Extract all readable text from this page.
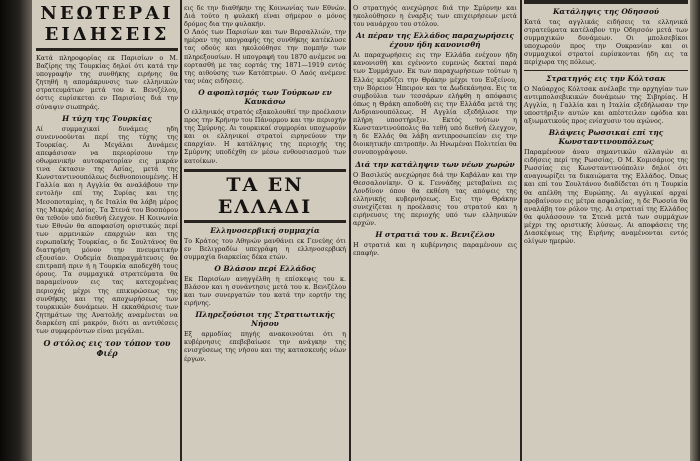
ΝΕΩΤΕΡΑΙ ΕΙΔΗΣΕΙΣ

Κατά πληροφορίας εκ Παρισίων ο Μ. Βαζίρης της Τουρκίας δηλοί ότι κατά την υπογραφήν της συνθήκης ειρήνης θα ζητηθή η απομάκρυνσις των ελληνικών στρατευμάτων μετά του κ. Βενιζέλου, όστις ευρίσκεται εν Παρισίοις διά την σύναψιν σιωπηράς.

Η τύχη της Τουρκίας

Αί συμμαχικαί δυνάμεις ηδη συνεννοούνται περί της τύχης της Τουρκίας. Αι Μεγάλαι Δυνάμεις απεφάσισαν να περιορίσουν την οθωμανικήν αυτοκρατορίαν εις μικράν τινα έκτασιν της Ασίας, μετά της Κωνσταντινουπόλεως διεθνοποιουμένης. Η Γαλλία και η Αγγλία θα αναλάβουν την εντολήν επί της Συρίας και της Μεσοποταμίας, η δε Ιταλία θα λάβη μέρος της Μικράς Ασίας. Τα Στενά του Βοσπόρου θα τεθούν υπό διεθνή έλεγχον. Η Κοινωνία των Εθνών θα αποφασίση οριστικώς περί των αρμενικών επαρχιών και της ευρωπαϊκής Τουρκίας, ο δε Σουλτάνος θα διατηρήση μόνον την πνευματικήν εξουσίαν. Ουδεμία διαπραγμάτευσις θα επιτραπή πριν ή η Τουρκία αποδεχθή τους όρους. Τα συμμαχικά στρατεύματα θα παραμείνουν εις τας κατεχομένας περιοχάς μέχρι της επικυρώσεως της συνθήκης και της αποχωρήσεως των τουρκικών δυνάμεων. Η εκκαθάρισις των ζητημάτων της Ανατολής αναμένεται να διαρκέση επί μακρόν, διότι αι αντιθέσεις των συμφερόντων είναι μεγάλαι.

Ο στόλος εις τον τόπον του Φιέρ

εις δε την διαθήκην της Κοινωνίας των Εθνών. Διά τούτο η φυλακή είναι σήμερον ο μόνος δρόμος δια την φυλακήν.

Ο Λαός των Παρισίων και των Βερσαλλιών, την ημέραν της υπογραφής της συνθήκης κατέκλυσε τας οδούς και ηκολούθησε την πομπήν των πληρεξουσίων. Η υπογραφή του 1870 ανέμενε να εορτασθή με τας εορτάς της 1871—1919 εντός της αιθούσης των Κατόπτρων. Ο Λαός ανέμενε τας νέας ειδήσεις.

Ο αφοπλισμός των Τούρκων εν Καυκάσω

Ο ελληνικός στρατός εξακολουθεί την προέλασιν προς την Κρήνην του Πάνορμου και την περιοχήν της Σμύρνης. Αι τουρκικαί συμμορίαι υποχωρούν και οι ελληνικοί στρατοί ειρηνεύουν την επαρχίαν. Η κατάληψις της περιοχής της Σμύρνης υποδέχθη εν μέσω ενθουσιασμού των κατοίκων.

ΤΑ ΕΝ ΕΛΛΑΔΙ
Ελληνοσερβική συμμαχία

Το Κράτος του Αθηνών μανθάνει εκ Γενεύης ότι εν Βελιγραδίω υπεγράφη η ελληνοσερβική συμμαχία διαρκείας δέκα ετών.

Ο Βλάσον περί Ελλάδος

Εκ Παρισίων ανηγγέλθη η επίσκεψις του κ. Βλάσον και η συνάντησις μετά του κ. Βενιζέλου και των συνεργατών του κατά την εορτήν της ειρήνης.

Πληρεξούσιοι της Στρατιωτικής Νήσου

Εξ αρμοδίας πηγής ανακοινούται ότι η κυβέρνησις επεβεβαίωσε την ανάγκην της ενισχύσεως της νήσου και της κατασκευής νέων έργων.

Ο στρατηγός ανεχώρησε διά την Σμύρνην και ηκολούθησεν η έναρξις των επιχειρήσεων μετά του ναυάρχου του στόλου.

Αι πέραν της Ελλάδος παραχωρήσεις έχουν ήδη κανονισθή

Αι παραχωρήσεις εις την Ελλάδα ενέχουν ήδη κανονισθή και εγένοντο ευμενώς δεκταί παρά των Συμμάχων. Εκ των παραχωρήσεων τούτων η Ελλάς κερδίζει την Θράκην μέχρι του Ευξείνου, την Βόρειον Ήπειρον και τα Δωδεκάνησα. Εις τα συμβούλια των τεσσάρων ελήφθη η απόφασις όπως η Θράκη αποδοθή εις την Ελλάδα μετά της Ανδριανουπόλεως. Η Αγγλία εξεδήλωσε την πλήρη υποστήριξιν. Εκτός τούτων η Κωνσταντινούπολις θα τεθή υπό διεθνή έλεγχον, η δε Ελλάς θα λάβη αντιπροσωπείαν εις την διοικητικήν επιτροπήν. Αι Ηνωμέναι Πολιτείαι θα συνυπογράψουν.

Διά την κατάληψιν των νέων χωρών

Ο Βασιλεύς ανεχώρησε διά την Καβάλαν και την Θεσσαλονίκην. Ο κ. Γεννάδης μεταβαίνει εις Λονδίνον όπου θα εκθέση τας απόψεις της ελληνικής κυβερνήσεως. Εις την Θράκην συνεχίζεται η προέλασις του στρατού και η ειρήνευσις της περιοχής υπό των ελληνικών αρχών.

Η στρατιά του κ. Βενιζέλου

Η στρατιά και η κυβέρνησις παραμένουν εις επαφήν.

Κατάληψις της Οδησσού

Κατά τας αγγλικάς ειδήσεις τα ελληνικά στρατεύματα κατέλαβον την Οδησσόν μετά των συμμαχικών δυνάμεων. Οι μπολσεβίκοι υποχωρούν προς την Ουκρανίαν και οι συμμαχικοί στρατοί ευρίσκονται ήδη εις τα περίχωρα της πόλεως.

Στρατηγός εις την Κόλτσακ

Ο Ναύαρχος Κόλτσακ ανέλαβε την αρχηγίαν των αντιμπολσεβικικών δυνάμεων της Σιβηρίας. Η Αγγλία, η Γαλλία και η Ιταλία εξεδήλωσαν την υποστήριξιν αυτών και απέστειλαν εφόδια και αξιωματικούς προς ενίσχυσιν του αγώνος.

Βλάψεις Ρωσσικαί επί της Κωνσταντινουπόλεως

Παραμένουν άναυ σημαντικών αλλαγών αι ειδήσεις περί της Ρωσσίας. Ο Μ. Κομισάριος της Ρωσσίας εις Κωνσταντινούπολιν δηλοί ότι αναγνωρίζει τα δικαιώματα της Ελλάδος. Όπως και επί του Σουλτάνου διαδίδεται ότι η Τουρκία θα απέλθη της Ευρώπης. Αι αγγλικαί αρχαί προβαίνουν εις μέτρα ασφαλείας, η δε Ρωσσία θα αναλάβη τον ρόλον της. Αι στρατιαί της Ελλάδος θα φυλάσσουν τα Στενά μετά των συμμάχων μέχρι της οριστικής λύσεως. Αι αποφάσεις της Διασκέψεως της Ειρήνης αναμένονται εντός ολίγων ημερών.
